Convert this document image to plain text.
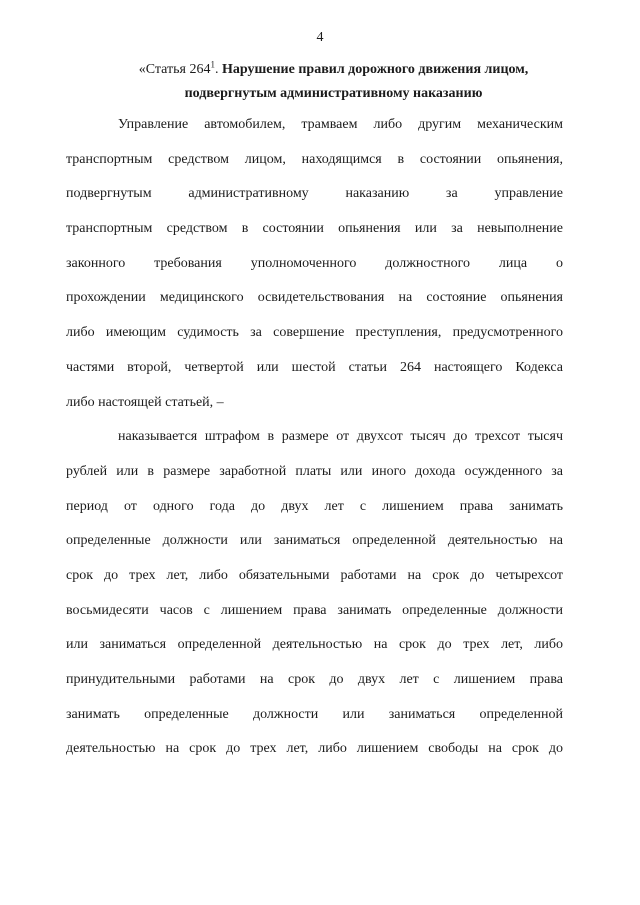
4
«Статья $264^1$. Нарушение правил дорожного движения лицом,
подвергнутым административному наказанию
Управление автомобилем, трамваем либо другим механическим
транспортным средством лицом, находящимся в состоянии опьянения,
подвергнутым административному наказанию за управление
транспортным средством в состоянии опьянения или за невыполнение
законного требования уполномоченного должностного лица о
прохождении медицинского освидетельствования на состояние опьянения
либо имеющим судимость за совершение преступления, предусмотренного
частями второй, четвертой или шестой статьи 264 настоящего Кодекса
либо настоящей статьей, –
наказывается штрафом в размере от двухсот тысяч до трехсот тысяч
рублей или в размере заработной платы или иного дохода осужденного за
период от одного года до двух лет с лишением права занимать
определенные должности или заниматься определенной деятельностью на
срок до трех лет, либо обязательными работами на срок до четырехсот
восьмидесяти часов с лишением права занимать определенные должности
или заниматься определенной деятельностью на срок до трех лет, либо
принудительными работами на срок до двух лет с лишением права
занимать определенные должности или заниматься определенной
деятельностью на срок до трех лет, либо лишением свободы на срок до
